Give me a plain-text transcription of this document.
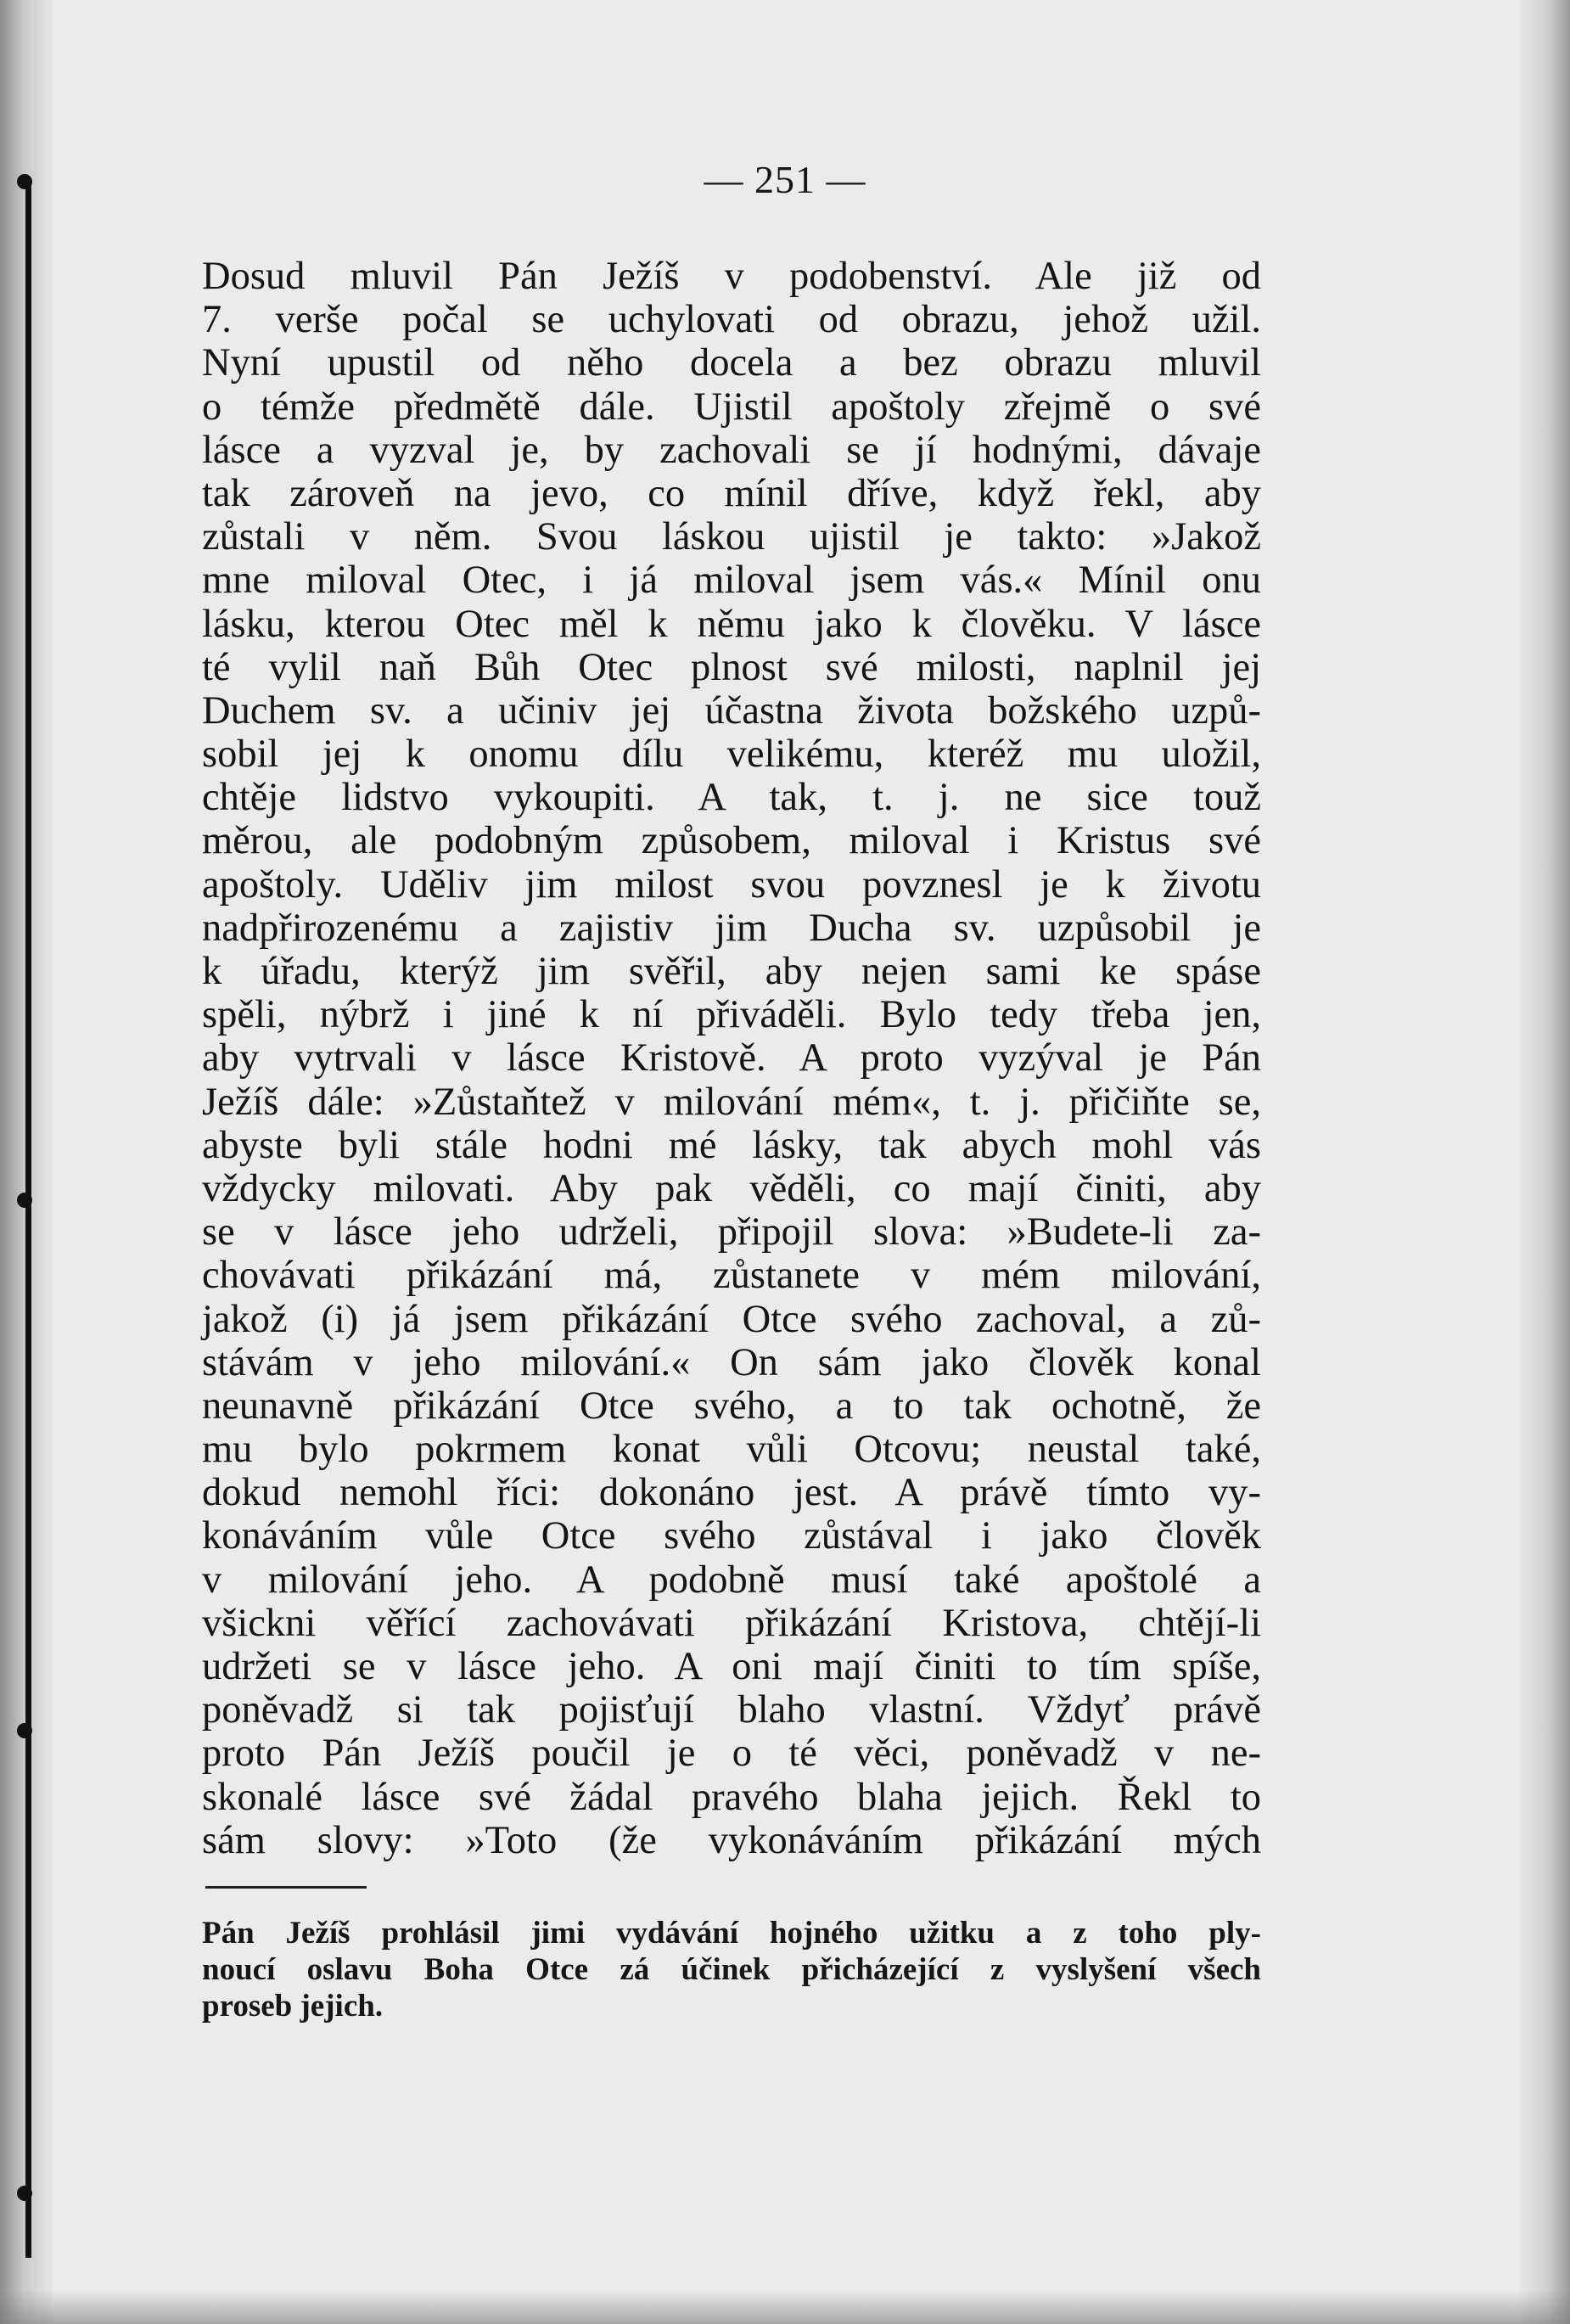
— 251 —
Dosud mluvil Pán Ježíš v podobenství. Ale již od
7. verše počal se uchylovati od obrazu, jehož užil.
Nyní upustil od něho docela a bez obrazu mluvil
o témže předmětě dále. Ujistil apoštoly zřejmě o své
lásce a vyzval je, by zachovali se jí hodnými, dávaje
tak zároveň na jevo, co mínil dříve, když řekl, aby
zůstali v něm. Svou láskou ujistil je takto: »Jakož
mne miloval Otec, i já miloval jsem vás.« Mínil onu
lásku, kterou Otec měl k němu jako k člověku. V lásce
té vylil naň Bůh Otec plnost své milosti, naplnil jej
Duchem sv. a učiniv jej účastna života božského uzpů-
sobil jej k onomu dílu velikému, kteréž mu uložil,
chtěje lidstvo vykoupiti. A tak, t. j. ne sice touž
měrou, ale podobným způsobem, miloval i Kristus své
apoštoly. Uděliv jim milost svou povznesl je k životu
nadpřirozenému a zajistiv jim Ducha sv. uzpůsobil je
k úřadu, kterýž jim svěřil, aby nejen sami ke spáse
spěli, nýbrž i jiné k ní přiváděli. Bylo tedy třeba jen,
aby vytrvali v lásce Kristově. A proto vyzýval je Pán
Ježíš dále: »Zůstaňtež v milování mém«, t. j. přičiňte se,
abyste byli stále hodni mé lásky, tak abych mohl vás
vždycky milovati. Aby pak věděli, co mají činiti, aby
se v lásce jeho udrželi, připojil slova: »Budete-li za-
chovávati přikázání má, zůstanete v mém milování,
jakož (i) já jsem přikázání Otce svého zachoval, a zů-
stávám v jeho milování.« On sám jako člověk konal
neunavně přikázání Otce svého, a to tak ochotně, že
mu bylo pokrmem konat vůli Otcovu; neustal také,
dokud nemohl říci: dokonáno jest. A právě tímto vy-
konáváním vůle Otce svého zůstával i jako člověk
v milování jeho. A podobně musí také apoštolé a
všickni věřící zachovávati přikázání Kristova, chtějí-li
udržeti se v lásce jeho. A oni mají činiti to tím spíše,
poněvadž si tak pojisťují blaho vlastní. Vždyť právě
proto Pán Ježíš poučil je o té věci, poněvadž v ne-
skonalé lásce své žádal pravého blaha jejich. Řekl to
sám slovy: »Toto (že vykonáváním přikázání mých
Pán Ježíš prohlásil jimi vydávání hojného užitku a z toho ply-
noucí oslavu Boha Otce zá účinek přicházející z vyslyšení všech
proseb jejich.
